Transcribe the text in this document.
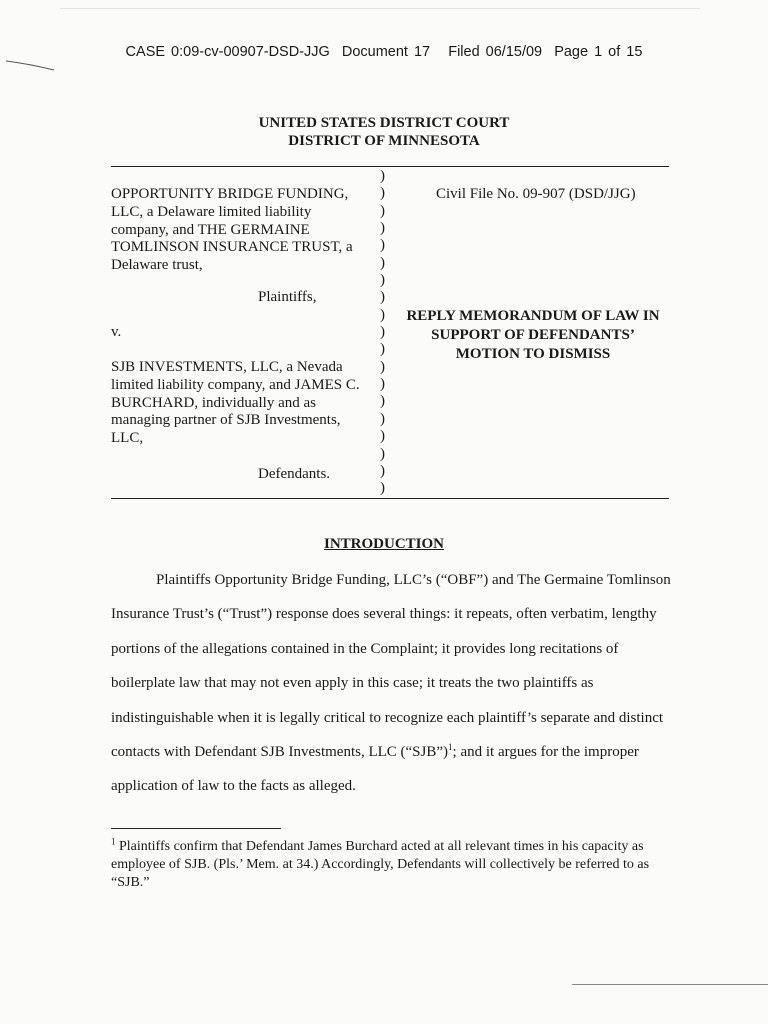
CASE 0:09-cv-00907-DSD-JJG Document 17 Filed 06/15/09 Page 1 of 15
UNITED STATES DISTRICT COURT
DISTRICT OF MINNESOTA
OPPORTUNITY BRIDGE FUNDING,
LLC, a Delaware limited liability
company, and THE GERMAINE
TOMLINSON INSURANCE TRUST, a
Delaware trust,
Plaintiffs,
v.
SJB INVESTMENTS, LLC, a Nevada
limited liability company, and JAMES C.
BURCHARD, individually and as
managing partner of SJB Investments,
LLC,
Defendants.
)
)
)
)
)
)
)
)
)
)
)
)
)
)
)
)
)
)
)
Civil File No. 09-907 (DSD/JJG)
REPLY MEMORANDUM OF LAW IN
SUPPORT OF DEFENDANTS’
MOTION TO DISMISS
INTRODUCTION

Plaintiffs Opportunity Bridge Funding, LLC’s (“OBF”) and The Germaine Tomlinson Insurance Trust’s (“Trust”) response does several things: it repeats, often verbatim, lengthy portions of the allegations contained in the Complaint; it provides long recitations of boilerplate law that may not even apply in this case; it treats the two plaintiffs as indistinguishable when it is legally critical to recognize each plaintiff’s separate and distinct contacts with Defendant SJB Investments, LLC (“SJB”)$^1$; and it argues for the improper application of law to the facts as alleged.

$^1$ Plaintiffs confirm that Defendant James Burchard acted at all relevant times in his capacity as employee of SJB. (Pls.’ Mem. at 34.) Accordingly, Defendants will collectively be referred to as “SJB.”
